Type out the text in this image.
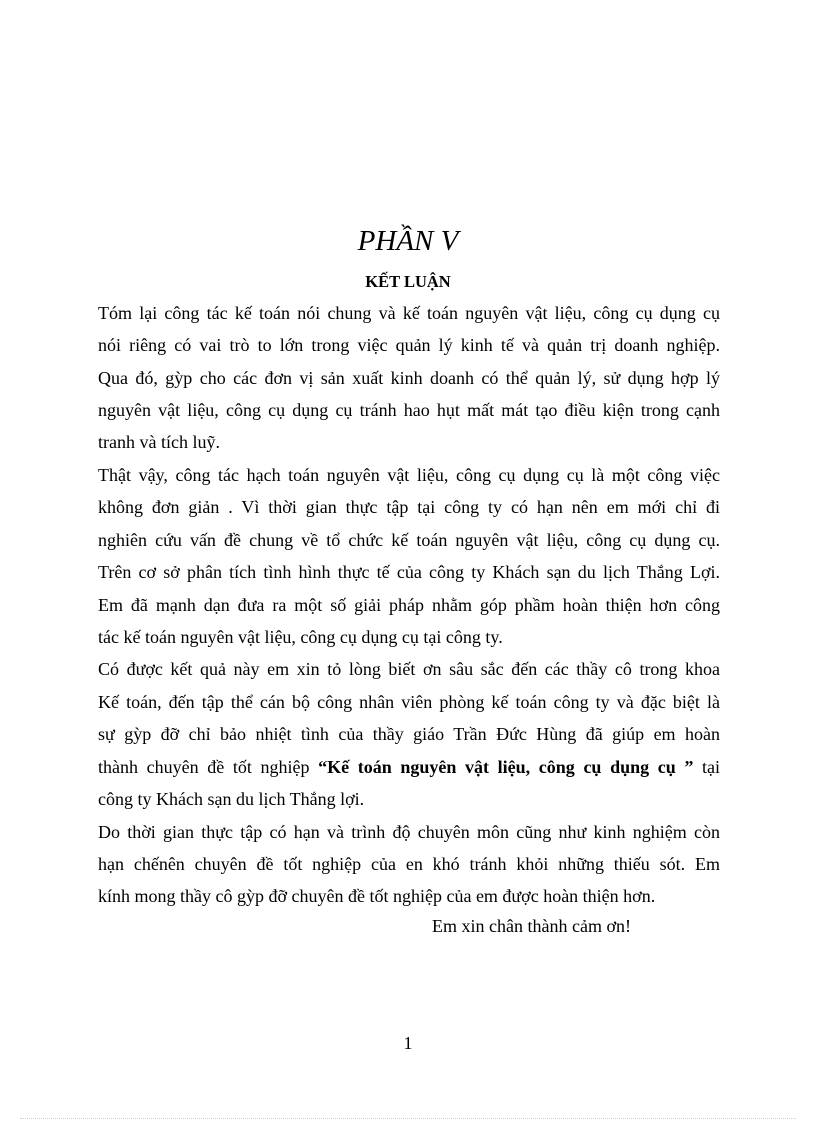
PHẦN V
KẾT LUẬN
Tóm lại công tác kế toán nói chung và kế toán nguyên vật liệu, công cụ dụng cụ
nói riêng có vai trò to lớn trong việc quản lý kinh tế và quản trị doanh nghiệp.
Qua đó, gỳp cho các đơn vị sản xuất kinh doanh có thể quản lý, sử dụng hợp lý
nguyên vật liệu, công cụ dụng cụ tránh hao hụt mất mát tạo điều kiện trong cạnh
tranh và tích luỹ.
Thật vậy, công tác hạch toán nguyên vật liệu, công cụ dụng cụ là một công việc
không đơn giản . Vì thời gian thực tập tại công ty có hạn nên em mới chỉ đi
nghiên cứu vấn đề chung về tổ chức kế toán nguyên vật liệu, công cụ dụng cụ.
Trên cơ sở phân tích tình hình thực tế của công ty Khách sạn du lịch Thắng Lợi.
Em đã mạnh dạn đưa ra một số giải pháp nhằm góp phầm hoàn thiện hơn công
tác kế toán nguyên vật liệu, công cụ dụng cụ tại công ty.
Có được kết quả này em xin tỏ lòng biết ơn sâu sắc đến các thầy cô trong khoa
Kế toán, đến tập thể cán bộ công nhân viên phòng kế toán công ty và đặc biệt là
sự gỳp đỡ chỉ bảo nhiệt tình của thầy giáo Trần Đức Hùng đã giúp em hoàn
thành chuyên đề tốt nghiệp “Kế toán nguyên vật liệu, công cụ dụng cụ ” tại
công ty Khách sạn du lịch Thắng lợi.
Do thời gian thực tập có hạn và trình độ chuyên môn cũng như kinh nghiệm còn
hạn chếnên chuyên đề tốt nghiệp của en khó tránh khỏi những thiếu sót. Em
kính mong thầy cô gỳp đỡ chuyên đề tốt nghiệp của em được hoàn thiện hơn.
Em xin chân thành cảm ơn!
1
